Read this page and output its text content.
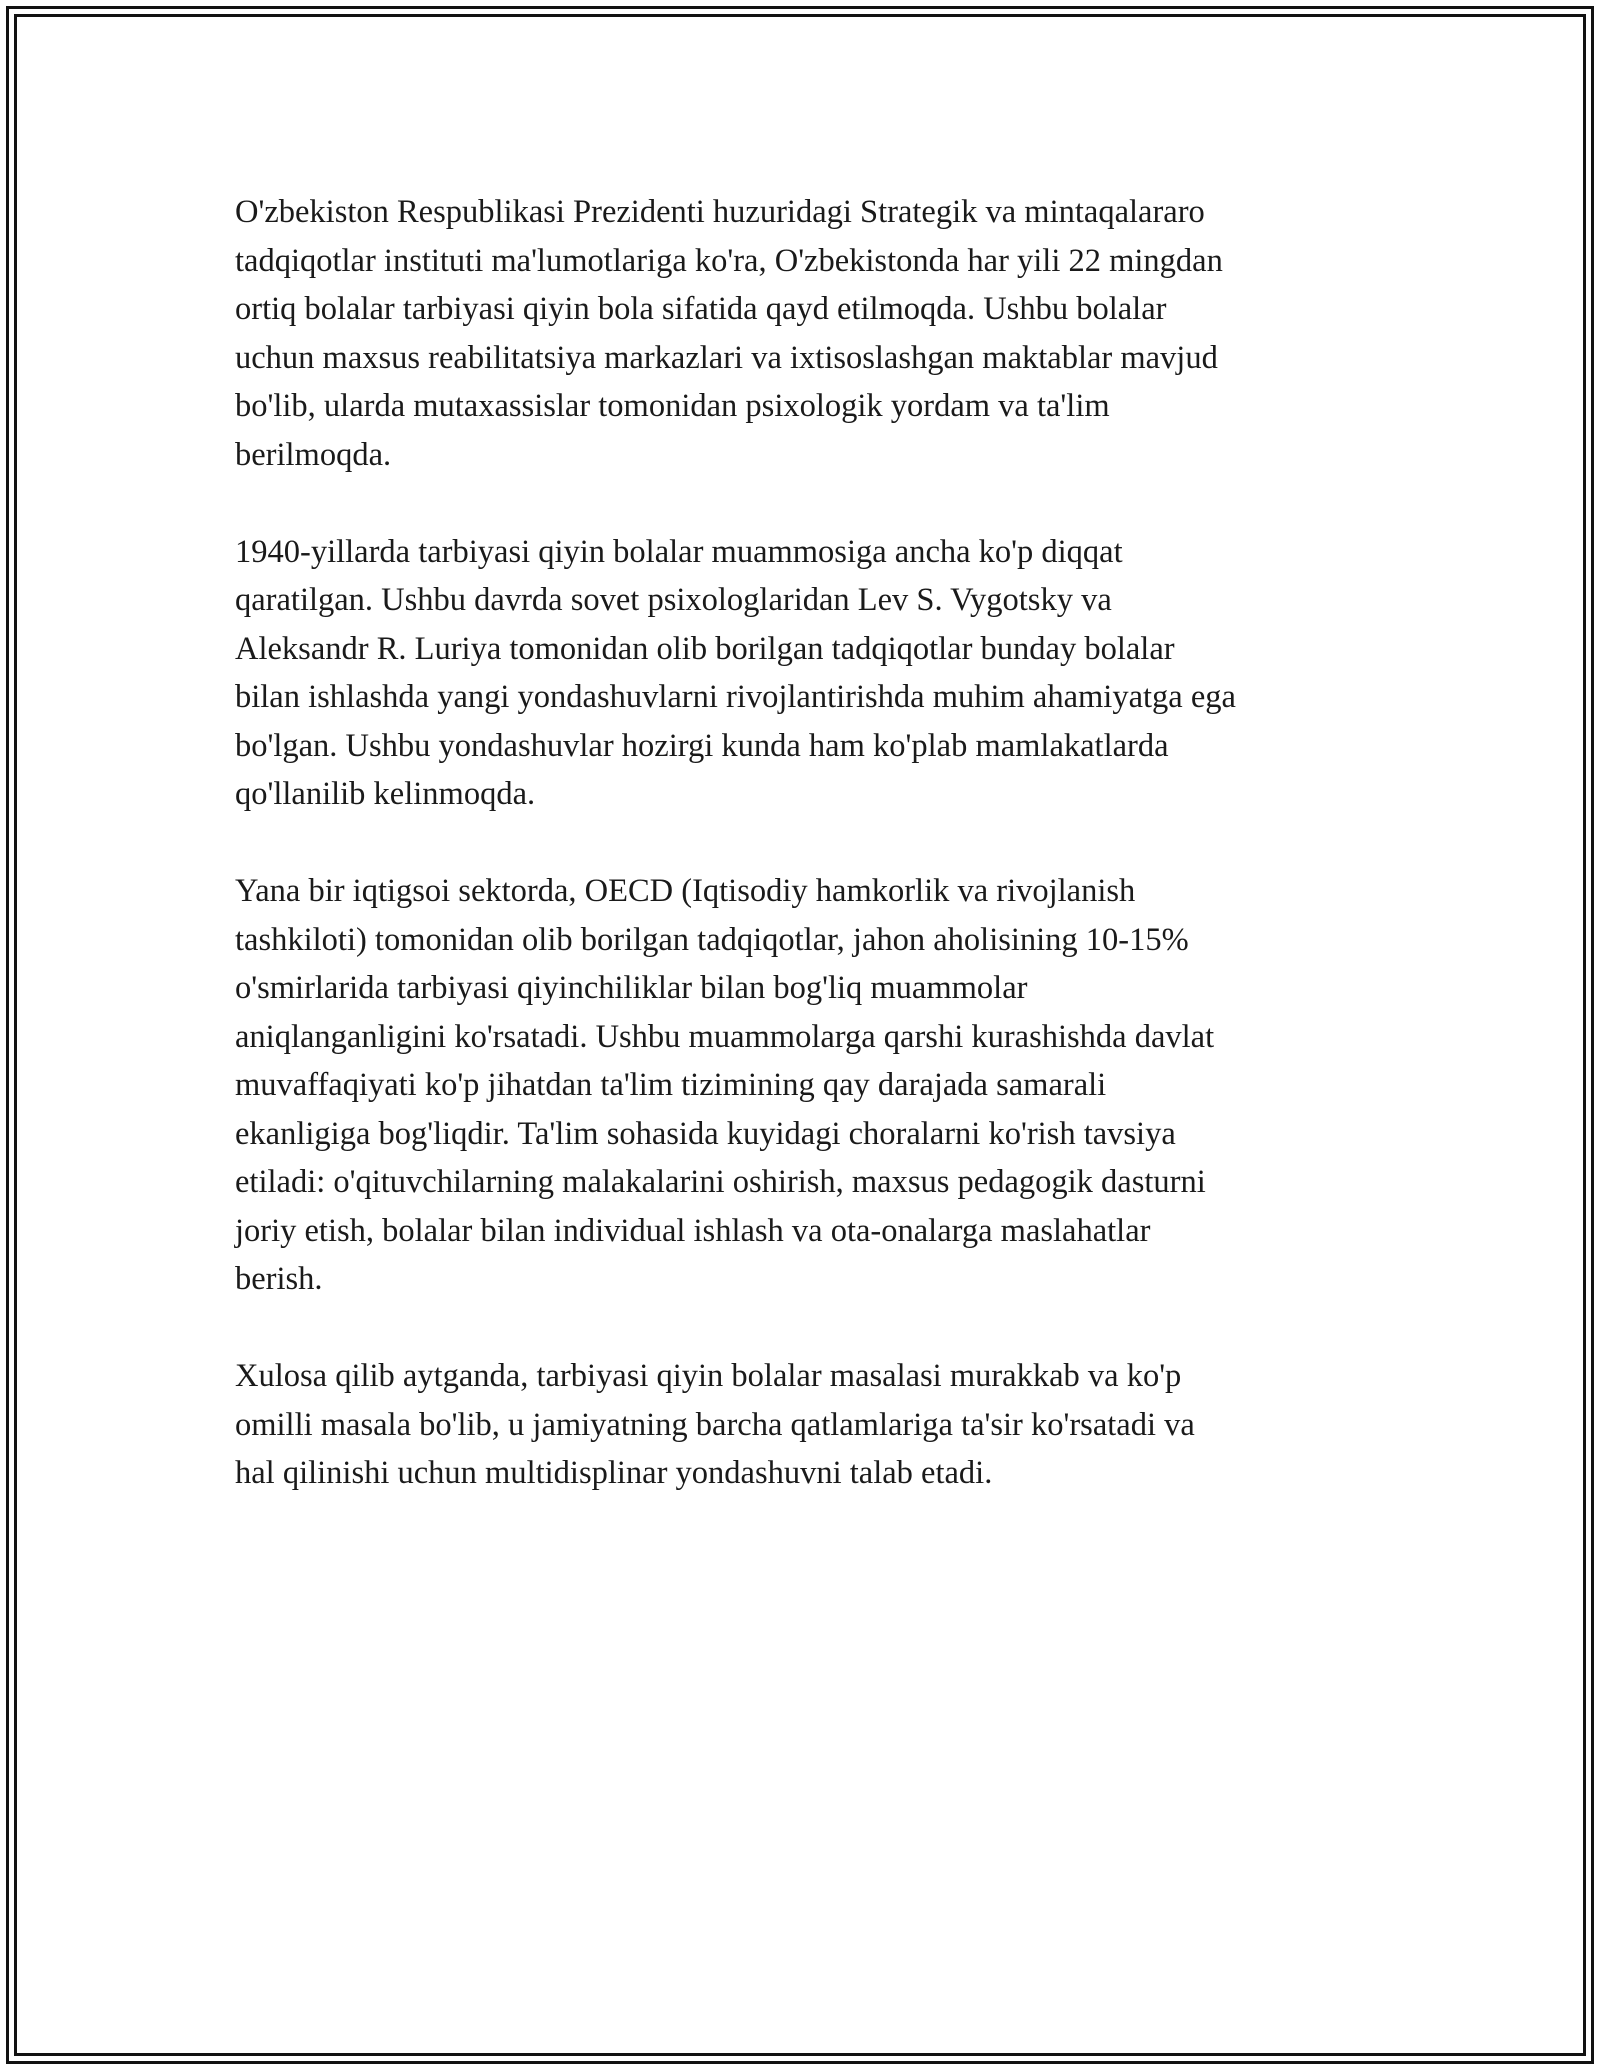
O'zbekiston Respublikasi Prezidenti huzuridagi Strategik va mintaqalararo
tadqiqotlar instituti ma'lumotlariga ko'ra, O'zbekistonda har yili 22 mingdan
ortiq bolalar tarbiyasi qiyin bola sifatida qayd etilmoqda. Ushbu bolalar
uchun maxsus reabilitatsiya markazlari va ixtisoslashgan maktablar mavjud
bo'lib, ularda mutaxassislar tomonidan psixologik yordam va ta'lim
berilmoqda.

1940-yillarda tarbiyasi qiyin bolalar muammosiga ancha ko'p diqqat
qaratilgan. Ushbu davrda sovet psixologlaridan Lev S. Vygotsky va
Aleksandr R. Luriya tomonidan olib borilgan tadqiqotlar bunday bolalar
bilan ishlashda yangi yondashuvlarni rivojlantirishda muhim ahamiyatga ega
bo'lgan. Ushbu yondashuvlar hozirgi kunda ham ko'plab mamlakatlarda
qo'llanilib kelinmoqda.

Yana bir iqtigsoi sektorda, OECD (Iqtisodiy hamkorlik va rivojlanish
tashkiloti) tomonidan olib borilgan tadqiqotlar, jahon aholisining 10-15%
o'smirlarida tarbiyasi qiyinchiliklar bilan bog'liq muammolar
aniqlanganligini ko'rsatadi. Ushbu muammolarga qarshi kurashishda davlat
muvaffaqiyati ko'p jihatdan ta'lim tizimining qay darajada samarali
ekanligiga bog'liqdir. Ta'lim sohasida kuyidagi choralarni ko'rish tavsiya
etiladi: o'qituvchilarning malakalarini oshirish, maxsus pedagogik dasturni
joriy etish, bolalar bilan individual ishlash va ota-onalarga maslahatlar
berish.

Xulosa qilib aytganda, tarbiyasi qiyin bolalar masalasi murakkab va ko'p
omilli masala bo'lib, u jamiyatning barcha qatlamlariga ta'sir ko'rsatadi va
hal qilinishi uchun multidisplinar yondashuvni talab etadi.
